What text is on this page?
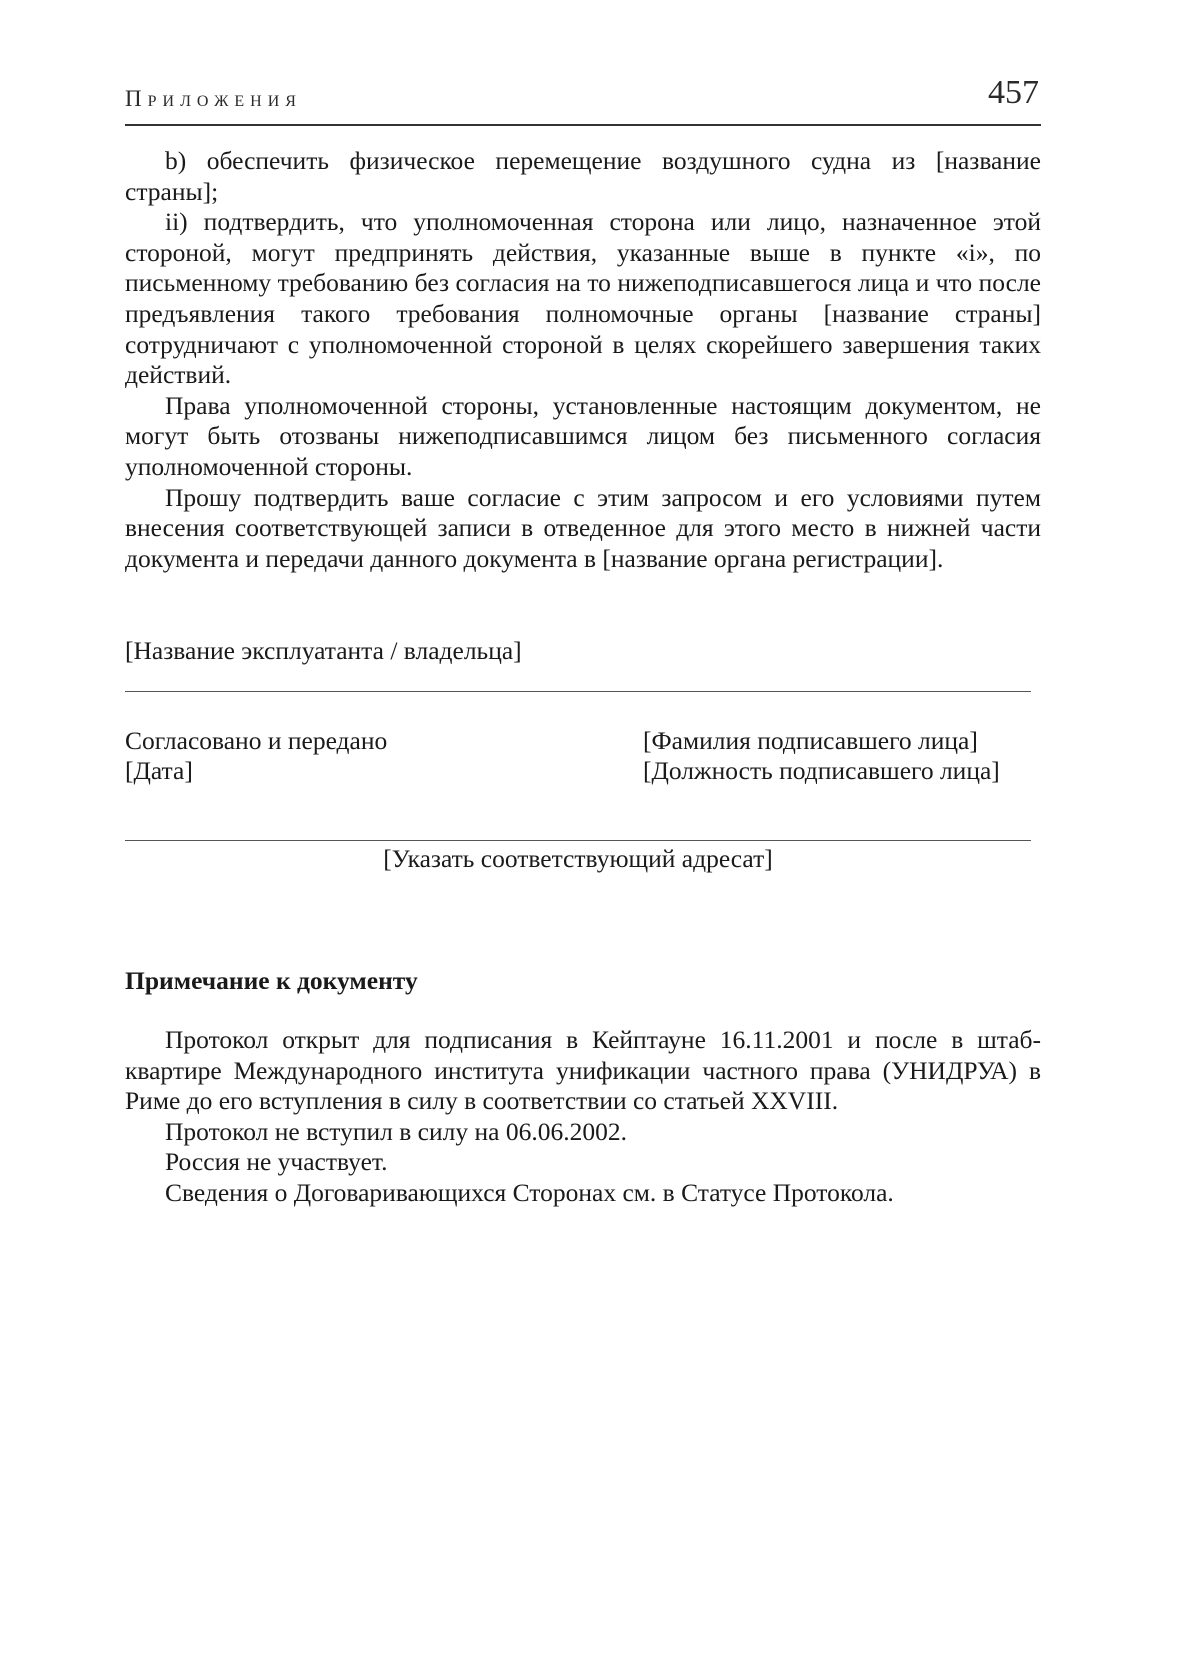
Приложения	457

b) обеспечить физическое перемещение воздушного судна из [название страны];

ii) подтвердить, что уполномоченная сторона или лицо, назначенное этой стороной, могут предпринять действия, указанные выше в пункте «i», по письменному требованию без согласия на то нижеподписавшегося лица и что после предъявления такого требования полномочные органы [название страны] сотрудничают с уполномоченной стороной в целях скорейшего завершения таких действий.

Права уполномоченной стороны, установленные настоящим документом, не могут быть отозваны нижеподписавшимся лицом без письменного согласия уполномоченной стороны.

Прошу подтвердить ваше согласие с этим запросом и его условиями путем внесения соответствующей записи в отведенное для этого место в нижней части документа и передачи данного документа в [название органа регистрации].

[Название эксплуатанта / владельца]
Согласовано и передано
[Дата]
[Фамилия подписавшего лица]
[Должность подписавшего лица]
[Указать соответствующий адресат]
Примечание к документу

Протокол открыт для подписания в Кейптауне 16.11.2001 и после в штаб-квартире Международного института унификации частного права (УНИДРУА) в Риме до его вступления в силу в соответствии со статьей XXVIII.

Протокол не вступил в силу на 06.06.2002.

Россия не участвует.

Сведения о Договаривающихся Сторонах см. в Статусе Протокола.
